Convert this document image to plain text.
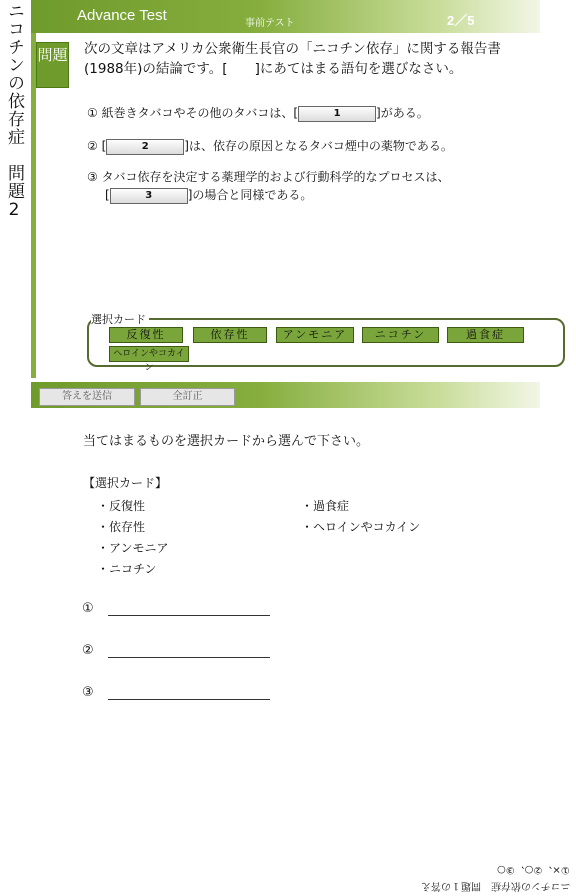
ニコチンの依存症　問題2	Advance Test	事前テスト	2／5
問題 次の文章はアメリカ公衆衛生長官の「ニコチン依存」に関する報告書(1988年)の結論です。[　　]にあてはまる語句を選びなさい。
① 紙巻きタバコやその他のタバコは、[	1	]がある。
② [	2	]は、依存の原因となるタバコ煙中の薬物である。
③ タバコ依存を決定する薬理学的および行動科学的なプロセスは、
[	3	]の場合と同様である。
選択カード
反復性	依存性	アンモニア	ニコチン	過食症
ヘロインやコカイン
答えを送信	全訂正
当てはまるものを選択カードから選んで下さい。
【選択カード】
・反復性
・依存性
・アンモニア
・ニコチン
・過食症
・ヘロインやコカイン
①
②
③
①×、②○、③○
ニコチンの依存症　問題１の答え
